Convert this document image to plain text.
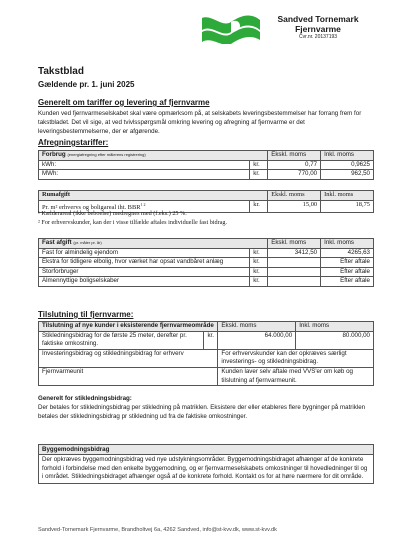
Sandved Tornemark
Fjernvarme
Cvr.nr. 20137193
Takstblad
Gældende pr. 1. juni 2025
Generelt om tariffer og levering af fjernvarme
Kunden ved fjernvarmeselskabet skal være opmærksom på, at selskabets leveringsbestemmelser har forrang frem for takstbladet. Det vil sige, at ved tvivlsspørgsmål omkring levering og afregning af fjernvarme er det leveringsbestemmelserne, der er afgørende.
Afregningstariffer:
Forbrug (energiafregning efter målerens registrering)		Ekskl. moms	Inkl. moms
kWh:	kr.	0,77	0,9625
MWh:	kr.	770,00	962,50
Rumafgift		Ekskl. moms	Inkl. moms
Pr. m² erhvervs og boligareal iht. $BBR^{1 2}$	kr.	15,00	18,75
¹ Kælderareal (ikke beboelse) medregnes med (f.eks.) 25 %.
² For erhvervskunder, kan der i visse tilfælde aftales individuelle fast bidrag.
Fast afgift (pr. måler pr. år)		Ekskl. moms	Inkl. moms
Fast for almindelig ejendom	kr.	3412,50	4265,63
Ekstra for tidligere elbolig, hvor værket har opsat vandbåret anlæg	kr.		Efter aftale
Storforbruger	kr.		Efter aftale
Almennyttige boligselskaber	kr.		Efter aftale
Tilslutning til fjernvarme:
Tilslutning af nye kunder i eksisterende fjernvarmeområde		Ekskl. moms	Inkl. moms
Stikledningsbidrag for de første 25 meter, derefter pr. faktiske omkostning.	kr.	64.000,00	80.000,00
Investeringsbidrag og stikledningsbidrag for erhverv		For erhvervskunder kan der opkræves særligt investerings- og stikledningsbidrag.	
Fjernvarmeunit		Kunden laver selv aftale med VVS'er om køb og tilslutning af fjernvarmeunit.	
Generelt for stikledningsbidrag:
Der betales for stikledningsbidrag per stikledning på matriklen. Eksistere der eller etableres flere bygninger på matriklen betales der stikledningsbidrag pr stikledning ud fra de faktiske omkostninger.
Byggemodningsbidrag
Der opkræves byggemodningsbidrag ved nye udstykningsområder. Byggemodningsbidraget afhænger af de konkrete forhold i forbindelse med den enkelte byggemodning, og er fjernvarmeselskabets omkostninger til hovedledninger til og i området. Stikledningsbidraget afhænger også af de konkrete forhold. Kontakt os for at høre nærmere for dit område.
Sandved-Tornemark Fjernvarme, Brandholtvej 6a, 4262 Sandved, info@st-kvv.dk, www.st-kvv.dk
